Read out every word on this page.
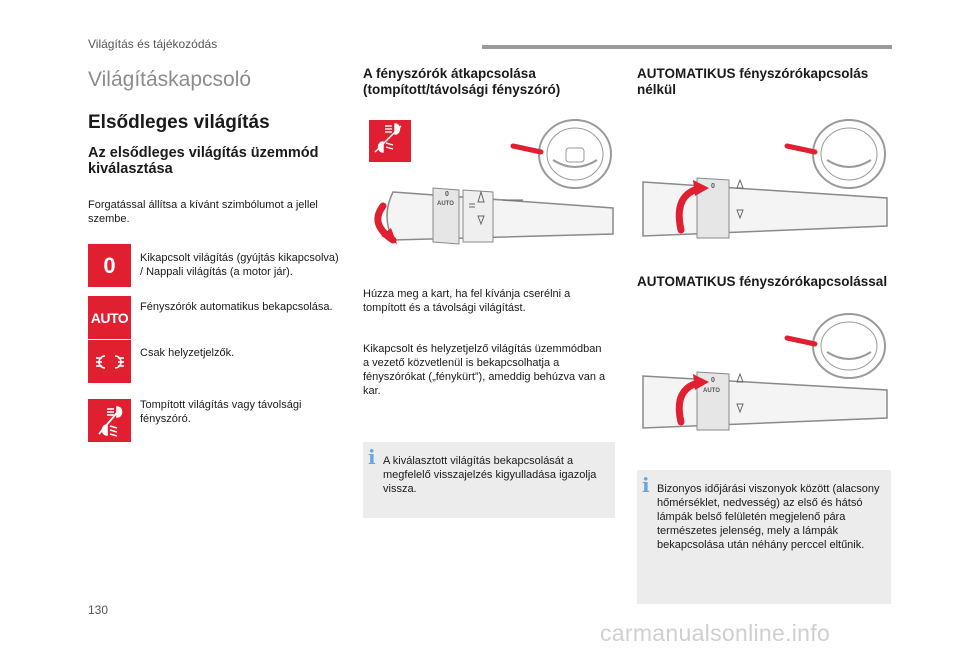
Világítás és tájékozódás
Világításkapcsoló
Elsődleges világítás
Az elsődleges világítás üzemmód kiválasztása
Forgatással állítsa a kívánt szimbólumot a jellel szembe.
0 Kikapcsolt világítás (gyújtás kikapcsolva) / Nappali világítás (a motor jár).
AUTO
Fényszórók automatikus bekapcsolása.
Csak helyzetjelzők.
Tompított világítás vagy távolsági fényszóró.
A fényszórók átkapcsolása (tompított/távolsági fényszóró)
0
AUTO
Húzza meg a kart, ha fel kívánja cserélni a tompított és a távolsági világítást.
Kikapcsolt és helyzetjelző világítás üzemmódban a vezető közvetlenül is bekapcsolhatja a fényszórókat („fénykürt”), ameddig behúzva van a kar.
i A kiválasztott világítás bekapcsolását a megfelelő visszajelzés kigyulladása igazolja vissza.
AUTOMATIKUS fényszórókapcsolás nélkül
0
AUTOMATIKUS fényszórókapcsolással
0
AUTO
i Bizonyos időjárási viszonyok között (alacsony hőmérséklet, nedvesség) az első és hátsó lámpák belső felületén megjelenő pára természetes jelenség, mely a lámpák bekapcsolása után néhány perccel eltűnik.
130
carmanualsonline.info
